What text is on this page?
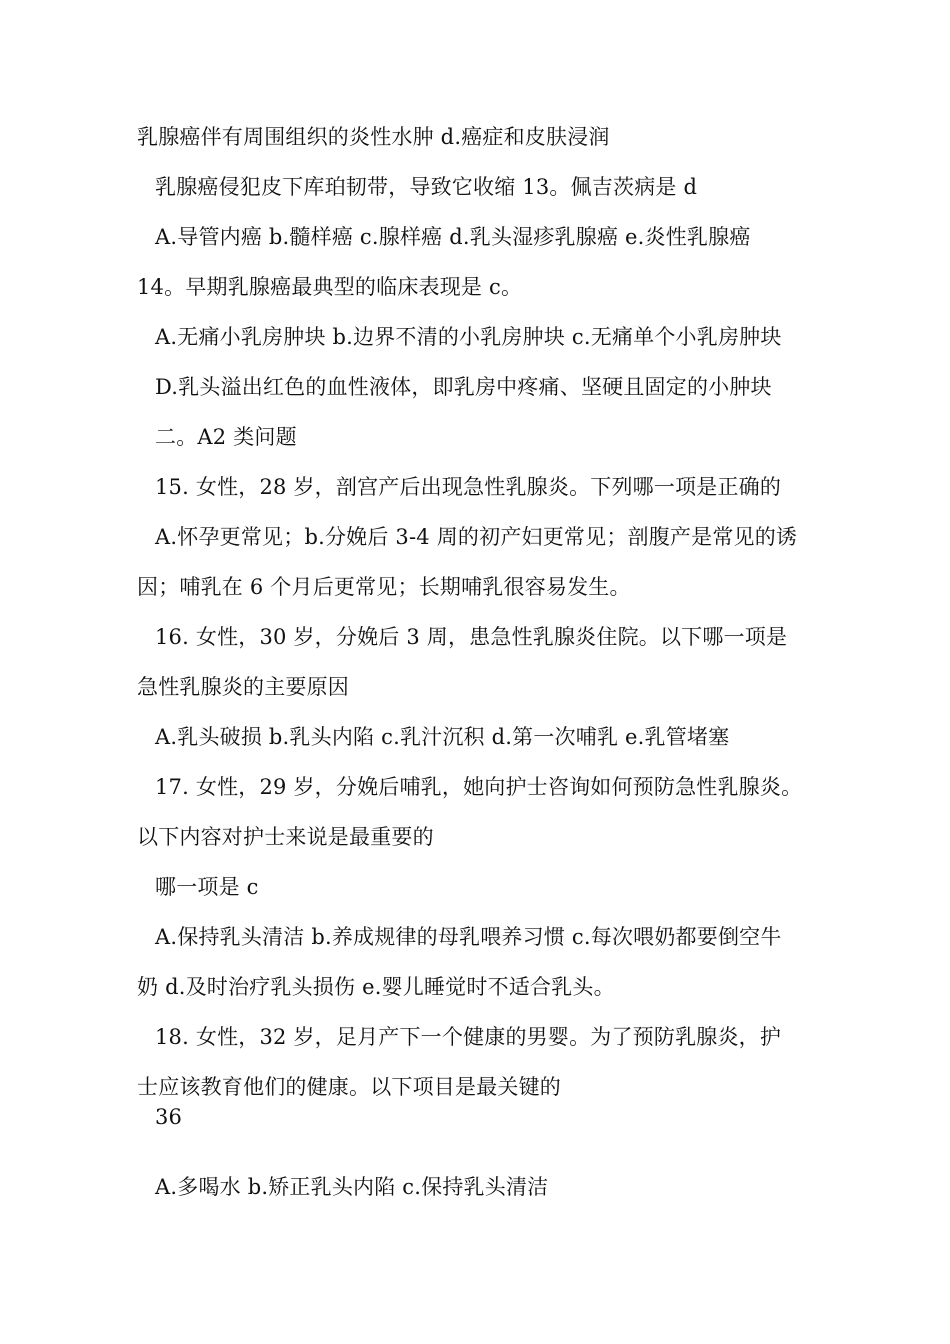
乳腺癌伴有周围组织的炎性水肿 d.癌症和皮肤浸润
乳腺癌侵犯皮下库珀韧带，导致它收缩 13。佩吉茨病是 d
A.导管内癌 b.髓样癌 c.腺样癌 d.乳头湿疹乳腺癌 e.炎性乳腺癌
14。早期乳腺癌最典型的临床表现是 c。
A.无痛小乳房肿块 b.边界不清的小乳房肿块 c.无痛单个小乳房肿块
D.乳头溢出红色的血性液体，即乳房中疼痛、坚硬且固定的小肿块
二。A2 类问题
15. 女性，28 岁，剖宫产后出现急性乳腺炎。下列哪一项是正确的
A.怀孕更常见；b.分娩后 3-4 周的初产妇更常见；剖腹产是常见的诱
因；哺乳在 6 个月后更常见；长期哺乳很容易发生。
16. 女性，30 岁，分娩后 3 周，患急性乳腺炎住院。以下哪一项是
急性乳腺炎的主要原因
A.乳头破损 b.乳头内陷 c.乳汁沉积 d.第一次哺乳 e.乳管堵塞
17. 女性，29 岁，分娩后哺乳，她向护士咨询如何预防急性乳腺炎。
以下内容对护士来说是最重要的
哪一项是 c
A.保持乳头清洁 b.养成规律的母乳喂养习惯 c.每次喂奶都要倒空牛
奶 d.及时治疗乳头损伤 e.婴儿睡觉时不适合乳头。
18. 女性，32 岁，足月产下一个健康的男婴。为了预防乳腺炎，护
士应该教育他们的健康。以下项目是最关键的
36
A.多喝水 b.矫正乳头内陷 c.保持乳头清洁
